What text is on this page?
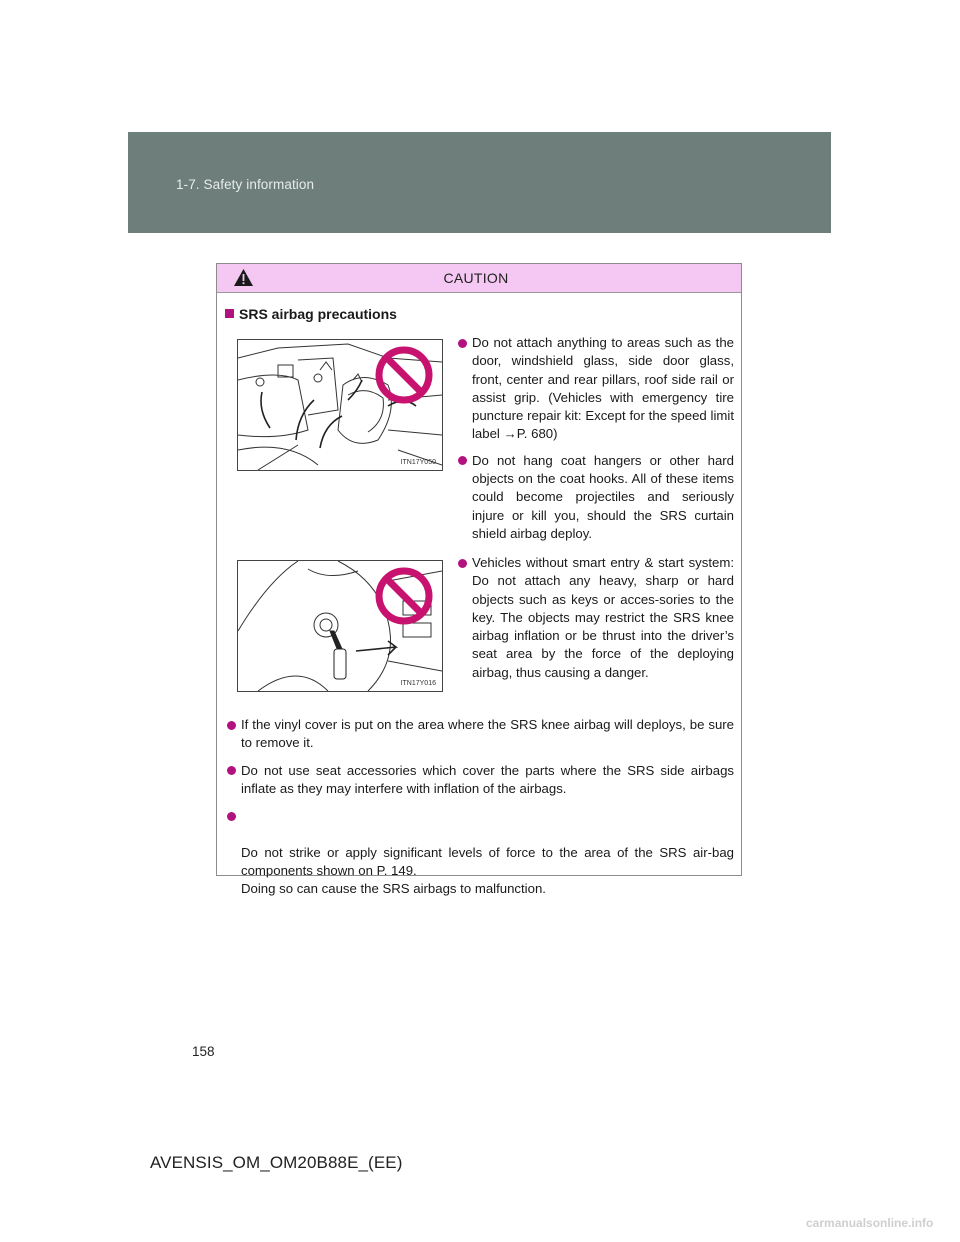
1-7. Safety information
CAUTION
SRS airbag precautions
ITN17Y050
ITN17Y016
Do not attach anything to areas such as the door, windshield glass, side door glass, front, center and rear pillars, roof side rail or assist grip. (Vehicles with emergency tire puncture repair kit: Except for the speed limit label →P. 680)
Do not hang coat hangers or other hard objects on the coat hooks. All of these items could become projectiles and seriously injure or kill you, should the SRS curtain shield airbag deploy.
Vehicles without smart entry & start system: Do not attach any heavy, sharp or hard objects such as keys or acces-sories to the key. The objects may restrict the SRS knee airbag inflation or be thrust into the driver’s seat area by the force of the deploying airbag, thus causing a danger.
If the vinyl cover is put on the area where the SRS knee airbag will deploys, be sure to remove it.
Do not use seat accessories which cover the parts where the SRS side airbags inflate as they may interfere with inflation of the airbags.

Do not strike or apply significant levels of force to the area of the SRS air-bag components shown on P. 149.
Doing so can cause the SRS airbags to malfunction.

158
AVENSIS_OM_OM20B88E_(EE)
carmanualsonline.info
